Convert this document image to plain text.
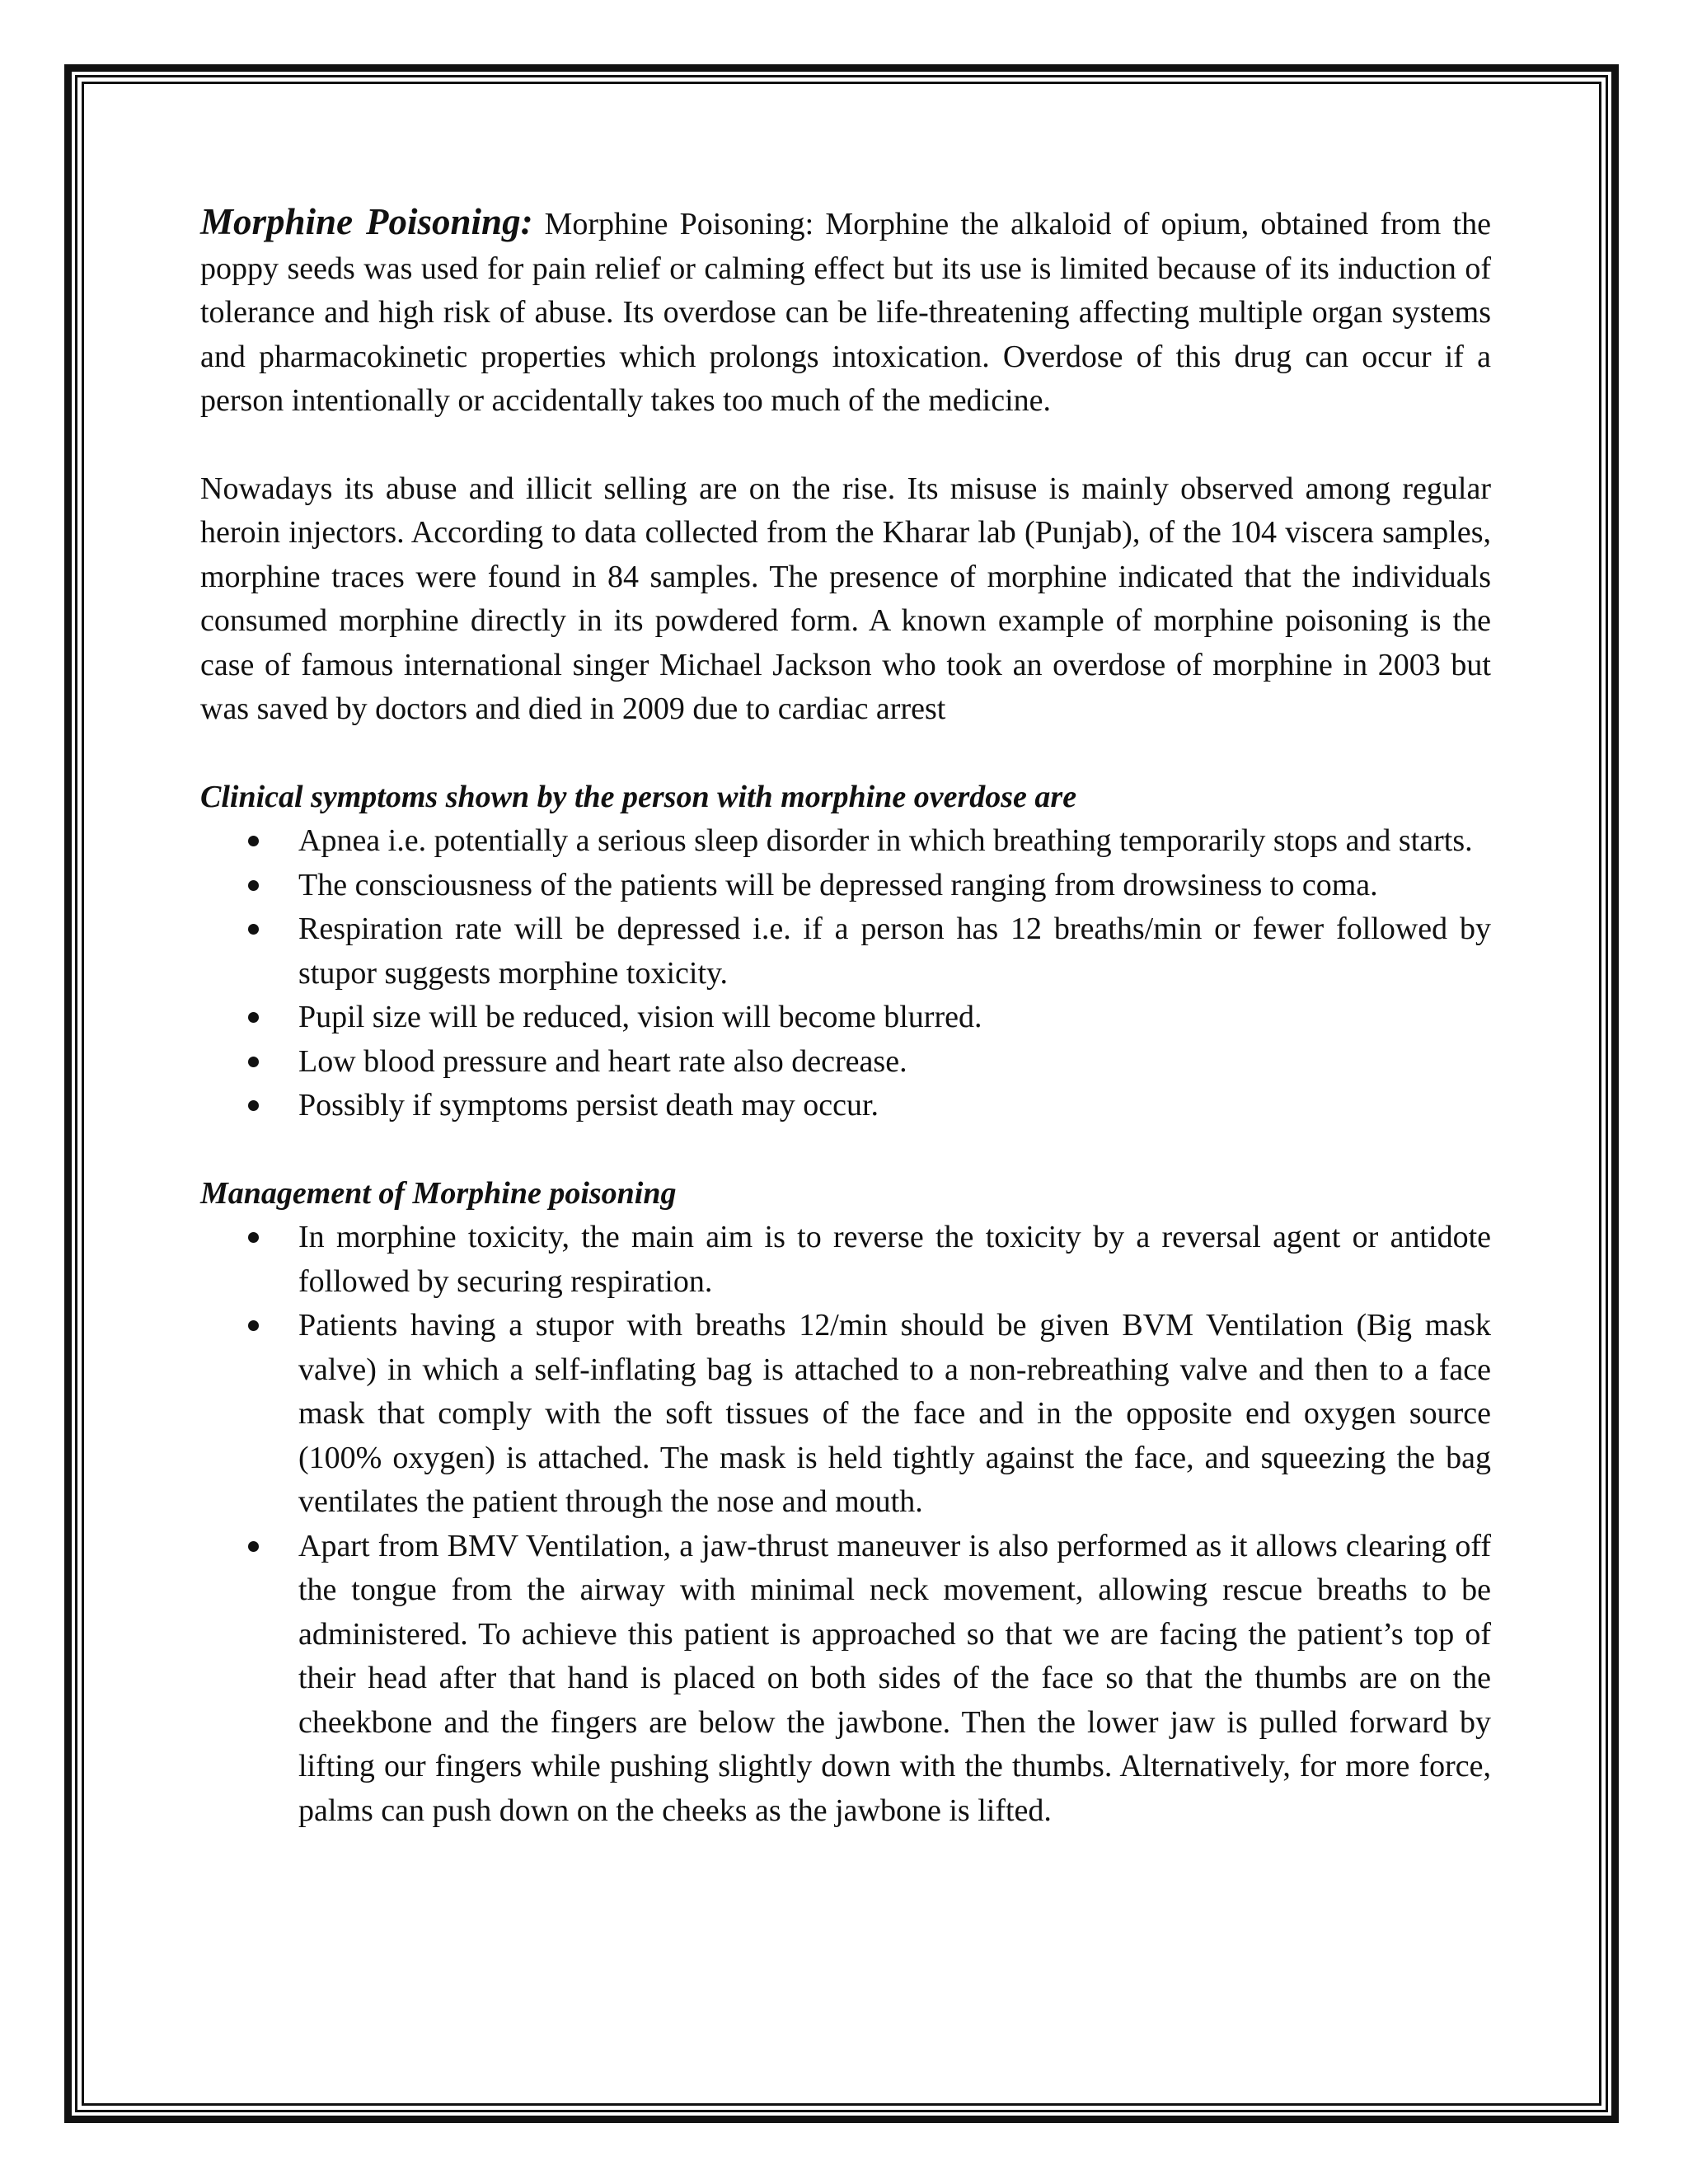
Morphine Poisoning: Morphine Poisoning: Morphine the alkaloid of opium, obtained from the poppy seeds was used for pain relief or calming effect but its use is limited because of its induction of tolerance and high risk of abuse. Its overdose can be life-threatening affecting multiple organ systems and pharmacokinetic properties which prolongs intoxication. Overdose of this drug can occur if a person intentionally or accidentally takes too much of the medicine.

Nowadays its abuse and illicit selling are on the rise. Its misuse is mainly observed among regular heroin injectors. According to data collected from the Kharar lab (Punjab), of the 104 viscera samples, morphine traces were found in 84 samples. The presence of morphine indicated that the individuals consumed morphine directly in its powdered form. A known example of morphine poisoning is the case of famous international singer Michael Jackson who took an overdose of morphine in 2003 but was saved by doctors and died in 2009 due to cardiac arrest

Clinical symptoms shown by the person with morphine overdose are

Apnea i.e. potentially a serious sleep disorder in which breathing temporarily stops and starts.
The consciousness of the patients will be depressed ranging from drowsiness to coma.
Respiration rate will be depressed i.e. if a person has 12 breaths/min or fewer followed by stupor suggests morphine toxicity.
Pupil size will be reduced, vision will become blurred.
Low blood pressure and heart rate also decrease.
Possibly if symptoms persist death may occur.

Management of Morphine poisoning

In morphine toxicity, the main aim is to reverse the toxicity by a reversal agent or antidote followed by securing respiration.
Patients having a stupor with breaths 12/min should be given BVM Ventilation (Big mask valve) in which a self-inflating bag is attached to a non-rebreathing valve and then to a face mask that comply with the soft tissues of the face and in the opposite end oxygen source (100% oxygen) is attached. The mask is held tightly against the face, and squeezing the bag ventilates the patient through the nose and mouth.
Apart from BMV Ventilation, a jaw-thrust maneuver is also performed as it allows clearing off the tongue from the airway with minimal neck movement, allowing rescue breaths to be administered. To achieve this patient is approached so that we are facing the patient’s top of their head after that hand is placed on both sides of the face so that the thumbs are on the cheekbone and the fingers are below the jawbone. Then the lower jaw is pulled forward by lifting our fingers while pushing slightly down with the thumbs. Alternatively, for more force, palms can push down on the cheeks as the jawbone is lifted.
